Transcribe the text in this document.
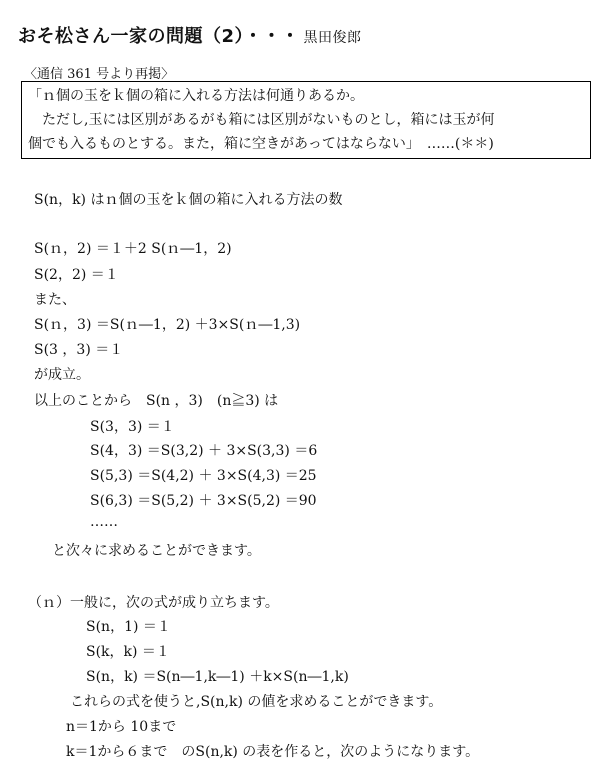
おそ松さん一家の問題（2）・・・ 黒田俊郎
〈通信 361 号より再掲〉
「ｎ個の玉をｋ個の箱に入れる方法は何通りあるか。
　ただし,玉には区別があるがも箱には区別がないものとし，箱には玉が何
個でも入るものとする。また，箱に空きがあってはならない」　……(＊＊)
S(n，k) はｎ個の玉をｋ個の箱に入れる方法の数
S(ｎ，2) ＝１＋2 S(ｎ―1，2)
S(2，2) ＝１
また、
S(ｎ，3) ＝S(ｎ―1，2) ＋3×S(ｎ―1,3)
S(3 ，3) ＝１
が成立。
以上のことから　S(n ，3)　(n≧3) は
S(3，3) ＝１
S(4，3) ＝S(3,2) ＋ 3×S(3,3) ＝6
S(5,3) ＝S(4,2) ＋ 3×S(4,3) ＝25
S(6,3) ＝S(5,2) ＋ 3×S(5,2) ＝90
……
と次々に求めることができます。
（ｎ）一般に，次の式が成り立ちます。
S(n，1) ＝１
S(k，k) ＝１
S(n，k) ＝S(n―1,k―1) ＋k×S(n―1,k)
これらの式を使うと,S(n,k) の値を求めることができます。
n＝1から 10まで
k＝1から６まで　のS(n,k) の表を作ると，次のようになります。
